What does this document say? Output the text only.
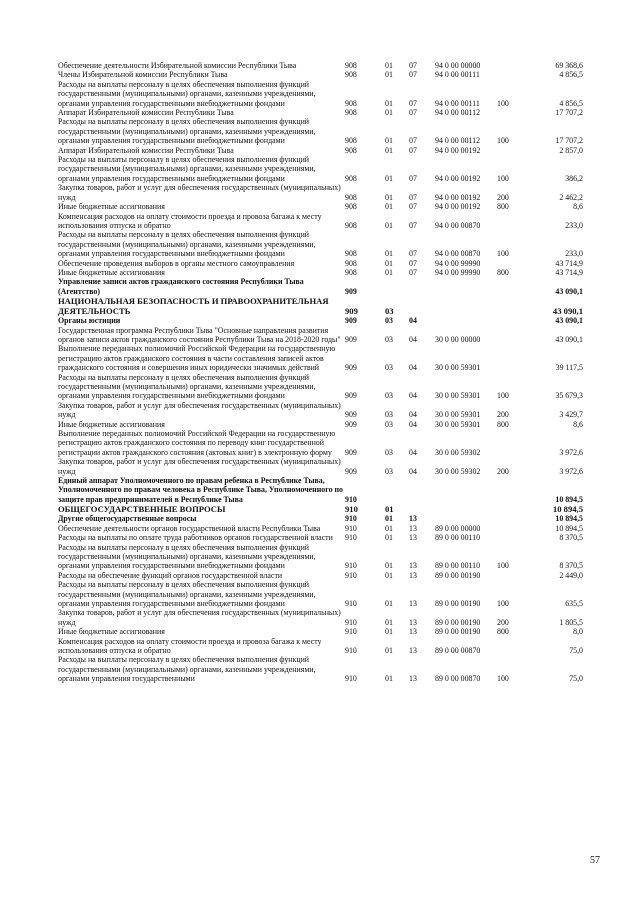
Обеспечение деятельности Избирательной комиссии Республики Тыва	908	01	07	94 0 00 00000	69 368,6
Члены Избирательной комиссии Республики Тыва	908	01	07	94 0 00 00111	4 856,5
Расходы на выплаты персоналу в целях обеспечения выполнения функций государственными (муниципальными) органами, казенными учреждениями, органами управления государственными внебюджетными фондами	908	01	07	94 0 00 00111	100	4 856,5
Аппарат Избирательной комиссии Республики Тыва	908	01	07	94 0 00 00112	17 707,2
Расходы на выплаты персоналу в целях обеспечения выполнения функций государственными (муниципальными) органами, казенными учреждениями, органами управления государственными внебюджетными фондами	908	01	07	94 0 00 00112	100	17 707,2
Аппарат Избирательной комиссии Республики Тыва	908	01	07	94 0 00 00192	2 857,0
Расходы на выплаты персоналу в целях обеспечения выполнения функций государственными (муниципальными) органами, казенными учреждениями, органами управления государственными внебюджетными фондами	908	01	07	94 0 00 00192	100	386,2
Закупка товаров, работ и услуг для обеспечения государственных (муниципальных) нужд	908	01	07	94 0 00 00192	200	2 462,2
Иные бюджетные ассигнования	908	01	07	94 0 00 00192	800	8,6
Компенсация расходов на оплату стоимости проезда и провоза багажа к месту использования отпуска и обратно	908	01	07	94 0 00 00870	233,0
Расходы на выплаты персоналу в целях обеспечения выполнения функций государственными (муниципальными) органами, казенными учреждениями, органами управления государственными внебюджетными фондами	908	01	07	94 0 00 00870	100	233,0
Обеспечение проведения выборов в органы местного самоуправления	908	01	07	94 0 00 99990	43 714,9
Иные бюджетные ассигнования	908	01	07	94 0 00 99990	800	43 714,9
Управление записи актов гражданского состояния Республики Тыва (Агентство)	909	43 090,1
НАЦИОНАЛЬНАЯ БЕЗОПАСНОСТЬ И ПРАВООХРАНИТЕЛЬНАЯ ДЕЯТЕЛЬНОСТЬ	909	03	43 090,1
Органы юстиции	909	03	04	43 090,1
Государственная программа Республики Тыва "Основные направления развития органов записи актов гражданского состояния Республики Тыва на 2018-2020 годы" 909	03	04	30 0 00 00000	43 090,1
Выполнение переданных полномочий Российской Федерации на государственную регистрацию актов гражданского состояния в части составления записей актов гражданского состояния и совершения иных юридически значимых действий	909	03	04	30 0 00 59301	39 117,5
Расходы на выплаты персоналу в целях обеспечения выполнения функций государственными (муниципальными) органами, казенными учреждениями, органами управления государственными внебюджетными фондами	909	03	04	30 0 00 59301	100	35 679,3
Закупка товаров, работ и услуг для обеспечения государственных (муниципальных) нужд	909	03	04	30 0 00 59301	200	3 429,7
Иные бюджетные ассигнования	909	03	04	30 0 00 59301	800	8,6
Выполнение переданных полномочий Российской Федерации на государственную регистрацию актов гражданского состояния по переводу книг государственной регистрации актов гражданского состояния (актовых книг) в электронную форму	909	03	04	30 0 00 59302	3 972,6
Закупка товаров, работ и услуг для обеспечения государственных (муниципальных) нужд	909	03	04	30 0 00 59302	200	3 972,6
Единый аппарат Уполномоченного по правам ребенка в Республике Тыва, Уполномоченного по правам человека в Республике Тыва, Уполномоченного по защите прав предпринимателей в Республике Тыва	910	10 894,5
ОБЩЕГОСУДАРСТВЕННЫЕ ВОПРОСЫ	910	01	10 894,5
Другие общегосударственные вопросы	910	01	13	10 894,5
Обеспечение деятельности органов государственной власти Республики Тыва	910	01	13	89 0 00 00000	10 894,5
Расходы на выплаты по оплате труда работников органов государственной власти	910	01	13	89 0 00 00110	8 370,5
Расходы на выплаты персоналу в целях обеспечения выполнения функций государственными (муниципальными) органами, казенными учреждениями, органами управления государственными внебюджетными фондами	910	01	13	89 0 00 00110	100	8 370,5
Расходы на обеспечение функций органов государственной власти	910	01	13	89 0 00 00190	2 449,0
Расходы на выплаты персоналу в целях обеспечения выполнения функций государственными (муниципальными) органами, казенными учреждениями, органами управления государственными внебюджетными фондами	910	01	13	89 0 00 00190	100	635,5
Закупка товаров, работ и услуг для обеспечения государственных (муниципальных) нужд	910	01	13	89 0 00 00190	200	1 805,5
Иные бюджетные ассигнования	910	01	13	89 0 00 00190	800	8,0
Компенсация расходов на оплату стоимости проезда и провоза багажа к месту использования отпуска и обратно	910	01	13	89 0 00 00870	75,0
Расходы на выплаты персоналу в целях обеспечения выполнения функций государственными (муниципальными) органами, казенными учреждениями, органами управления государственными	910	01	13	89 0 00 00870	100	75,0
57
